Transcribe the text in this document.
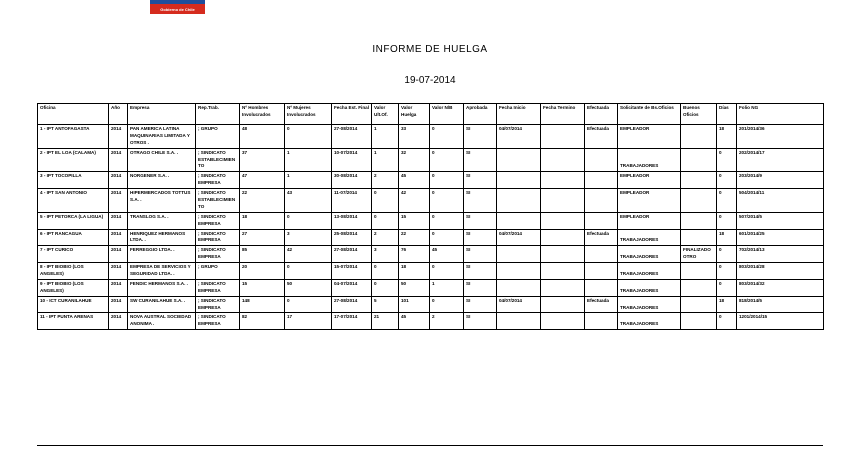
Gobierno de Chile
INFORME DE HUELGA
19-07-2014
Oficina	Año	Empresa	Rep.Trab.	Nº Hombres Involucrados	Nº Mujeres Involucrados	Fecha Est. Final	Valor Ult.Of.	Valor Huelga	Valor N/B	Aprobada	Fecha Inicio	Fecha Termino	Efectuada	Solicitante de Bs.Oficios	Buenos Oficios	Días	Folio NG
1 - IPT ANTOFAGASTA	2014	PAN AMERICA LATINA MAQUINARIAS LIMITADA Y OTROS .	; GRUPO	48	0	27-08/2014	1	33	0	SI	04/07/2014		Efectuada	EMPLEADOR		18	201/2014/36
2 - IPT EL LOA (CALAMA)	2014	OTRAGO CHILE S.A. .	; SINDICATO ESTABLECIMIENTO	37	1	10-07/2014	1	32	0	SI				TRABAJADORES		0	202/2014/17
3 - IPT TOCOPILLA	2014	NORGENER S.A. .	; SINDICATO EMPRESA	47	1	30-08/2014	2	45	0	SI				EMPLEADOR		0	203/2014/9
4 - IPT SAN ANTONIO	2014	HIPERMERCADOS TOTTUS S.A. .	; SINDICATO ESTABLECIMIENTO	22	43	11-07/2014	0	42	0	SI				EMPLEADOR		0	504/2014/11
5 - IPT PETORCA (LA LIGUA)	2014	TRANSLOG S.A. .	; SINDICATO EMPRESA	18	0	13-08/2014	0	15	0	SI				EMPLEADOR		0	507/2014/5
6 - IPT RANCAGUA	2014	HENRIQUEZ HERMANOS LTDA. .	; SINDICATO EMPRESA	27	3	25-08/2014	2	22	0	SI	04/07/2014		Efectuada	TRABAJADORES		18	601/2014/25
7 - IPT CURICO	2014	FERREGGIO LTDA. .	; SINDICATO EMPRESA	85	42	27-08/2014	3	76	45	SI				TRABAJADORES	FINALIZADO OTRO	0	702/2014/13
8 - IPT BIOBIO (LOS ANGELES)	2014	EMPRESA DE SERVICIOS Y SEGURIDAD LTDA. .	; GRUPO	20	0	15-07/2014	0	18	0	SI				TRABAJADORES		0	803/2014/28
9 - IPT BIOBIO (LOS ANGELES)	2014	FENDIC HERMANOS S.A. .	; SINDICATO EMPRESA	15	50	04-07/2014	0	50	1	SI				TRABAJADORES		0	803/2014/32
10 - ICT CURANILAHUE	2014	SW CURANILAHUE S.A. .	; SINDICATO EMPRESA	148	0	27-08/2014	5	101	0	SI	04/07/2014		Efectuada	TRABAJADORES		18	818/2014/5
11 - IPT PUNTA ARENAS	2014	NOVA AUSTRAL SOCIEDAD ANONIMA .	; SINDICATO EMPRESA	82	17	17-07/2014	21	45	2	SI				TRABAJADORES		0	1201/2014/15
